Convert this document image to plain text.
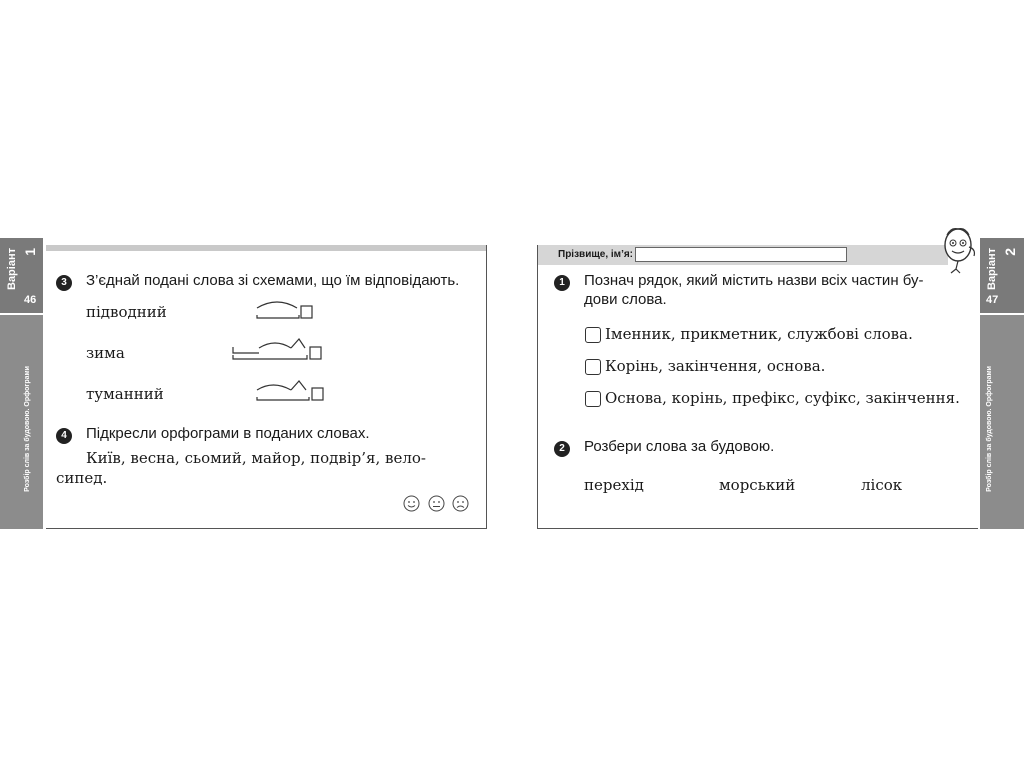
Варіант 1
46
Розбір слів за будовою. Орфограми
3	З’єднай подані слова зі схемами, що їм відповідають.
підводний
зима
туманний
4	Підкресли орфограми в поданих словах.
Київ, весна, сьомий, майор, подвір’я, вело-
сипед.
Прізвище, ім’я:
1	Познач рядок, який містить назви всіх частин бу-
дови слова.
Іменник, прикметник, службові слова.
Корінь, закінчення, основа.
Основа, корінь, префікс, суфікс, закінчення.
2	Розбери слова за будовою.
перехід	морський	лісок
Варіант 2
47
Розбір слів за будовою. Орфограми
